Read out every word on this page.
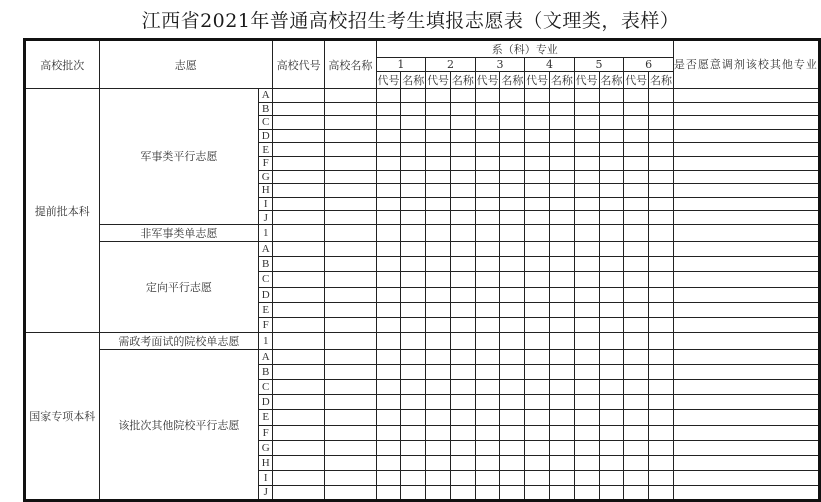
江西省2021年普通高校招生考生填报志愿表（文理类，表样）
高校批次	志愿		高校代号	高校名称	系（科）专业												是否愿意调剂该校其他专业
					1		2		3		4		5		6		
					代号	名称	代号	名称	代号	名称	代号	名称	代号	名称	代号	名称	
提前批本科	军事类平行志愿	A															
		B															
		C															
		D															
		E															
		F															
		G															
		H															
		I															
		J															
	非军事类单志愿	1															
	定向平行志愿	A															
		B															
		C															
		D															
		E															
		F															
国家专项本科	需政考面试的院校单志愿	1															
	该批次其他院校平行志愿	A															
		B															
		C															
		D															
		E															
		F															
		G															
		H															
		I															
		J															
